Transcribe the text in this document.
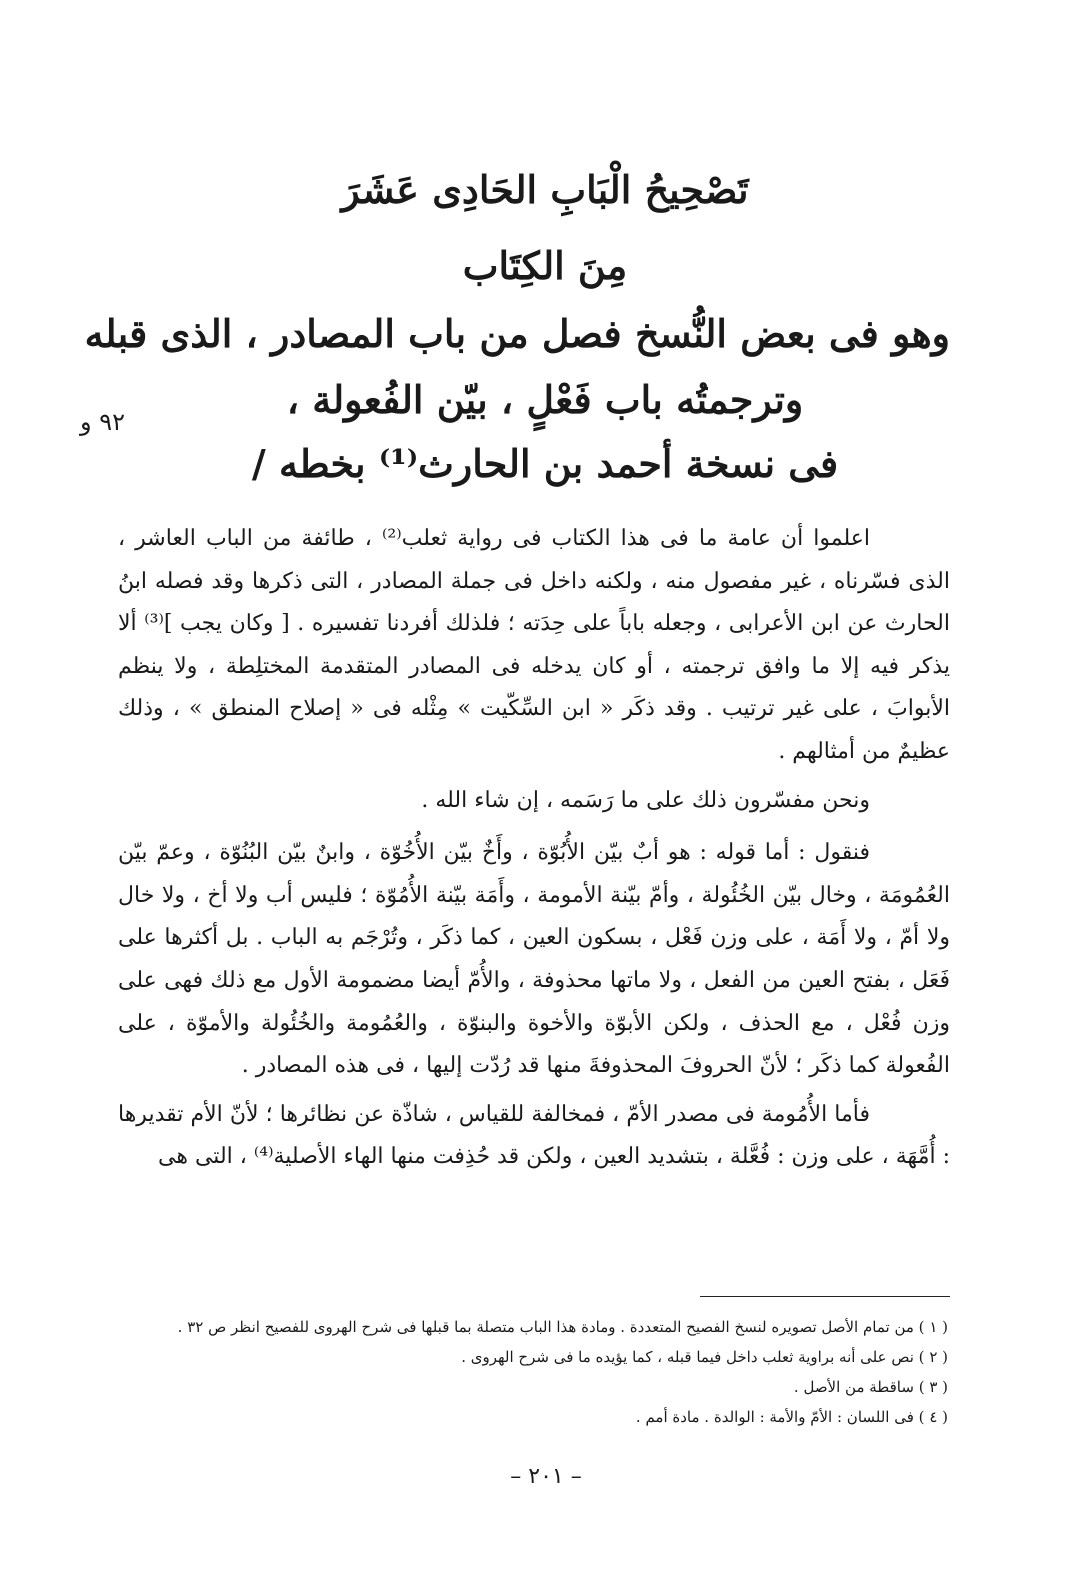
تَصْحِيحُ الْبَابِ الحَادِى عَشَرَ
مِنَ الكِتَاب
وهو فى بعض النُّسخ فصل من باب المصادر ، الذى قبله
وترجمتُه باب فَعْلٍ ، بيّن الفُعولة ،
فى نسخة أحمد بن الحارث⁽¹⁾ بخطه /
٩٢ و

اعلموا أن عامة ما فى هذا الكتاب فى رواية ثعلب⁽²⁾ ، طائفة من الباب العاشر ، الذى فسّرناه ، غير مفصول منه ، ولكنه داخل فى جملة المصادر ، التى ذكرها وقد فصله ابنُ الحارث عن ابن الأعرابى ، وجعله باباً على حِدَته ؛ فلذلك أفردنا تفسيره . [ وكان يجب ]⁽³⁾ ألا يذكر فيه إلا ما وافق ترجمته ، أو كان يدخله فى المصادر المتقدمة المختلِطة ، ولا ينظم الأبوابَ ، على غير ترتيب . وقد ذكَر « ابن السِّكّيت » مِثْله فى « إصلاح المنطق » ، وذلك عظيمٌ من أمثالهم .

ونحن مفسّرون ذلك على ما رَسَمه ، إن شاء الله .

فنقول : أما قوله : هو أبٌ بيّن الأُبُوّة ، وأَخٌ بيّن الأُخُوّة ، وابنٌ بيّن البُنُوّة ، وعمّ بيّن العُمُومَة ، وخال بيّن الخُئُولة ، وأمّ بيّنة الأمومة ، وأَمَة بيّنة الأُمُوّة ؛ فليس أب ولا أخ ، ولا خال ولا أمّ ، ولا أَمَة ، على وزن فَعْل ، بسكون العين ، كما ذكَر ، وتُرْجَم به الباب . بل أكثرها على فَعَل ، بفتح العين من الفعل ، ولا ماتها محذوفة ، والأُمّ أيضا مضمومة الأول مع ذلك فهى على وزن فُعْل ، مع الحذف ، ولكن الأبوّة والأخوة والبنوّة ، والعُمُومة والخُئُولة والأموّة ، على الفُعولة كما ذكَر ؛ لأنّ الحروفَ المحذوفةَ منها قد رُدّت إليها ، فى هذه المصادر .

فأما الأُمُومة فى مصدر الأمّ ، فمخالفة للقياس ، شاذّة عن نظائرها ؛ لأنّ الأم تقديرها : أُمَّهَة ، على وزن : فُعَّلة ، بتشديد العين ، ولكن قد حُذِفت منها الهاء الأصلية⁽⁴⁾ ، التى هى

( ١ ) من تمام الأصل تصويره لنسخ الفصيح المتعددة . ومادة هذا الباب متصلة بما قبلها فى شرح الهروى للفصيح انظر ص ٣٢ .
( ٢ ) نص على أنه براوية ثعلب داخل فيما قبله ، كما يؤيده ما فى شرح الهروى .
( ٣ ) ساقطة من الأصل .
( ٤ ) فى اللسان : الأمّ والأمة : الوالدة . مادة أمم .
– ٢٠١ –
